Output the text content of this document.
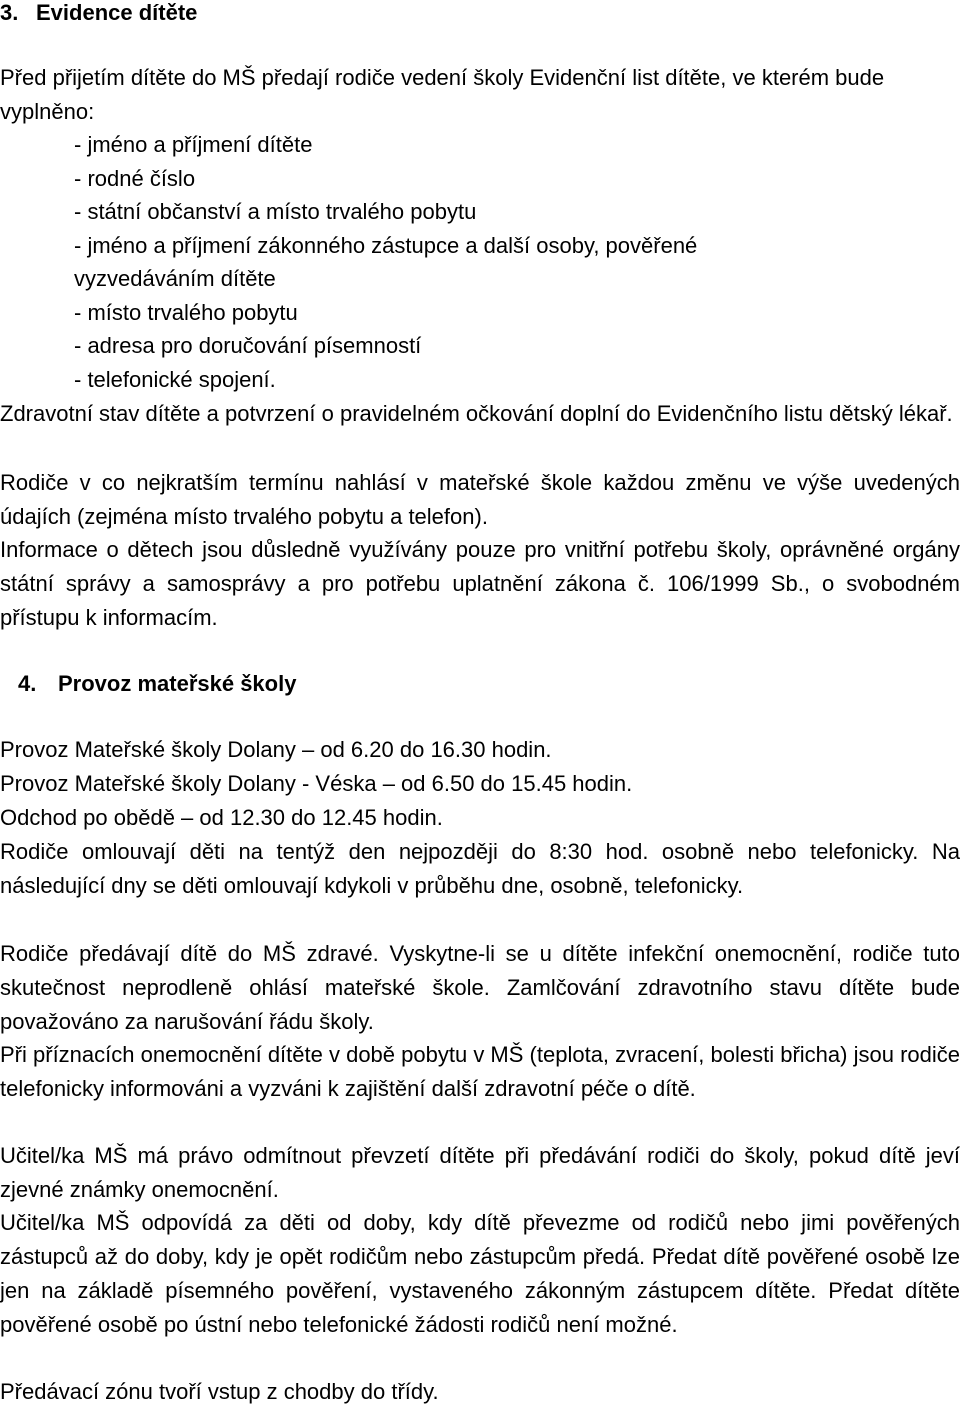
3. Evidence dítěte
Před přijetím dítěte do MŠ předají rodiče vedení školy Evidenční list dítěte, ve kterém bude vyplněno:
- jméno a příjmení dítěte
- rodné číslo
- státní občanství a místo trvalého pobytu
- jméno a příjmení zákonného zástupce a další osoby, pověřené vyzvedáváním dítěte
- místo trvalého pobytu
- adresa pro doručování písemností
- telefonické spojení.
Zdravotní stav dítěte a potvrzení o pravidelném očkování doplní do Evidenčního listu dětský lékař.
Rodiče v co nejkratším termínu nahlásí v mateřské škole každou změnu ve výše uvedených údajích (zejména místo trvalého pobytu a telefon).
Informace o dětech jsou důsledně využívány pouze pro vnitřní potřebu školy, oprávněné orgány státní správy a samosprávy a pro potřebu uplatnění zákona č. 106/1999 Sb., o svobodném přístupu k informacím.
4. Provoz mateřské školy
Provoz Mateřské školy Dolany – od 6.20 do 16.30 hodin.
Provoz Mateřské školy Dolany - Véska – od 6.50 do 15.45 hodin.
Odchod po obědě – od 12.30 do 12.45 hodin.
Rodiče omlouvají děti na tentýž den nejpozději do 8:30 hod. osobně nebo telefonicky. Na následující dny se děti omlouvají kdykoli v průběhu dne, osobně, telefonicky.
Rodiče předávají dítě do MŠ zdravé. Vyskytne-li se u dítěte infekční onemocnění, rodiče tuto skutečnost neprodleně ohlásí mateřské škole. Zamlčování zdravotního stavu dítěte bude považováno za narušování řádu školy.
Při příznacích onemocnění dítěte v době pobytu v MŠ (teplota, zvracení, bolesti břicha) jsou rodiče telefonicky informováni a vyzváni k zajištění další zdravotní péče o dítě.
Učitel/ka MŠ má právo odmítnout převzetí dítěte při předávání rodiči do školy, pokud dítě jeví zjevné známky onemocnění.
Učitel/ka MŠ odpovídá za děti od doby, kdy dítě převezme od rodičů nebo jimi pověřených zástupců až do doby, kdy je opět rodičům nebo zástupcům předá. Předat dítě pověřené osobě lze jen na základě písemného pověření, vystaveného zákonným zástupcem dítěte. Předat dítěte pověřené osobě po ústní nebo telefonické žádosti rodičů není možné.
Předávací zónu tvoří vstup z chodby do třídy.
